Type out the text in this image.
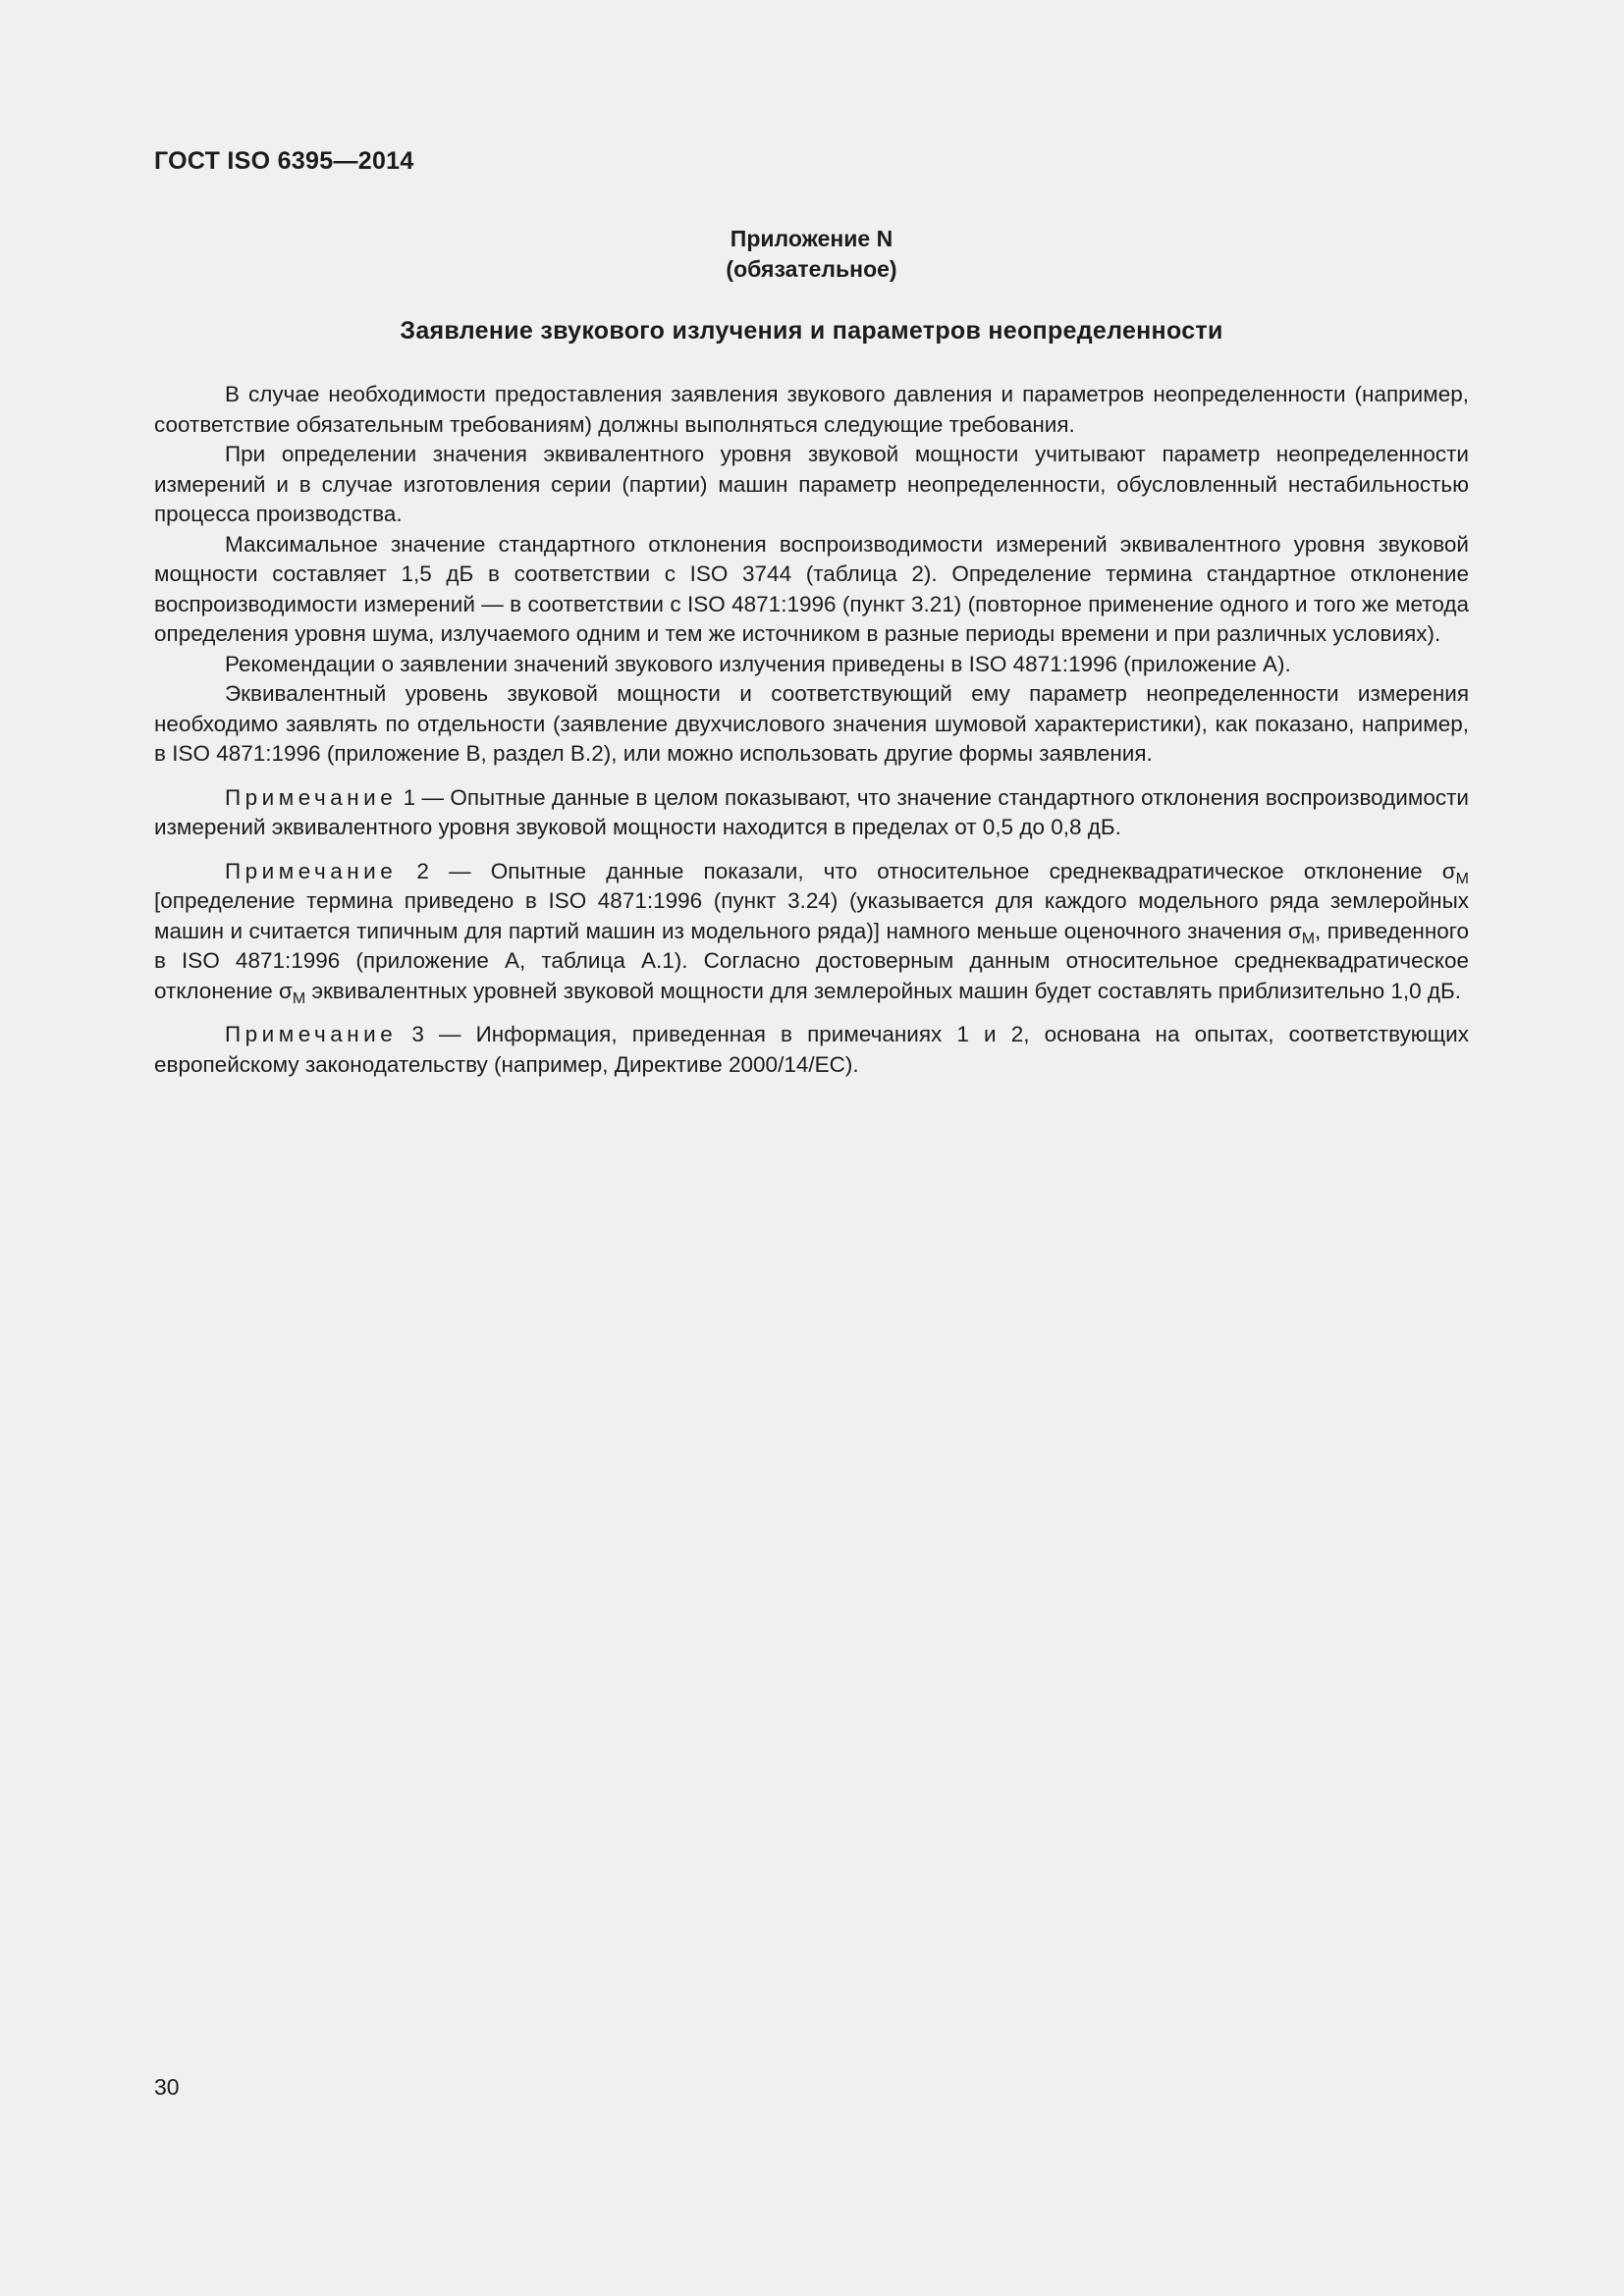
ГОСТ ISO 6395—2014
Приложение N
(обязательное)
Заявление звукового излучения и параметров неопределенности

В случае необходимости предоставления заявления звукового давления и параметров неопределенности (например, соответствие обязательным требованиям) должны выполняться следующие требования.

При определении значения эквивалентного уровня звуковой мощности учитывают параметр неопределенности измерений и в случае изготовления серии (партии) машин параметр неопределенности, обусловленный нестабильностью процесса производства.

Максимальное значение стандартного отклонения воспроизводимости измерений эквивалентного уровня звуковой мощности составляет 1,5 дБ в соответствии с ISO 3744 (таблица 2). Определение термина стандартное отклонение воспроизводимости измерений — в соответствии с ISO 4871:1996 (пункт 3.21) (повторное применение одного и того же метода определения уровня шума, излучаемого одним и тем же источником в разные периоды времени и при различных условиях).

Рекомендации о заявлении значений звукового излучения приведены в ISO 4871:1996 (приложение A).

Эквивалентный уровень звуковой мощности и соответствующий ему параметр неопределенности измерения необходимо заявлять по отдельности (заявление двухчислового значения шумовой характеристики), как показано, например, в ISO 4871:1996 (приложение B, раздел B.2), или можно использовать другие формы заявления.

Примечание 1 — Опытные данные в целом показывают, что значение стандартного отклонения воспроизводимости измерений эквивалентного уровня звуковой мощности находится в пределах от 0,5 до 0,8 дБ.

Примечание 2 — Опытные данные показали, что относительное среднеквадратическое отклонение $\sigma_M$ [определение термина приведено в ISO 4871:1996 (пункт 3.24) (указывается для каждого модельного ряда землеройных машин и считается типичным для партий машин из модельного ряда)] намного меньше оценочного значения $\sigma_M$, приведенного в ISO 4871:1996 (приложение A, таблица A.1). Согласно достоверным данным относительное среднеквадратическое отклонение $\sigma_M$ эквивалентных уровней звуковой мощности для землеройных машин будет составлять приблизительно 1,0 дБ.

Примечание 3 — Информация, приведенная в примечаниях 1 и 2, основана на опытах, соответствующих европейскому законодательству (например, Директиве 2000/14/EC).

30
